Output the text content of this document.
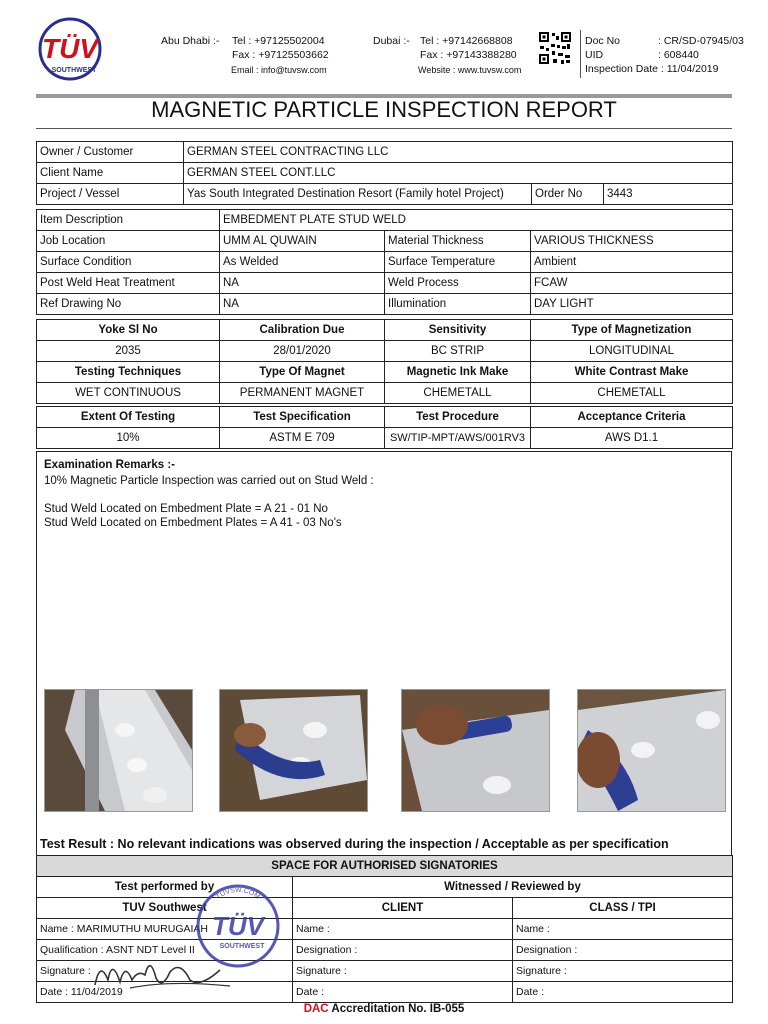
TÜV
SOUTHWEST
Abu Dhabi :- Tel : +97125502004
Fax : +97125503662
Email : info@tuvsw.com
Dubai :- Tel : +97142668808
Fax : +97143388280
Website : www.tuvsw.com
Doc No	: CR/SD-07945/03
UID	: 608440
Inspection Date : 11/04/2019
MAGNETIC PARTICLE INSPECTION REPORT
Owner / Customer	GERMAN STEEL CONTRACTING LLC		
Client Name	GERMAN STEEL CONT.LLC		
Project / Vessel	Yas South Integrated Destination Resort (Family hotel Project)	Order No	3443
Item Description	EMBEDMENT PLATE STUD WELD		
Job Location	UMM AL QUWAIN	Material Thickness	VARIOUS THICKNESS
Surface Condition	As Welded	Surface Temperature	Ambient
Post Weld Heat Treatment	NA	Weld Process	FCAW
Ref Drawing No	NA	Illumination	DAY LIGHT
Yoke Sl No	Calibration Due	Sensitivity	Type of Magnetization
2035	28/01/2020	BC STRIP	LONGITUDINAL
Testing Techniques	Type Of Magnet	Magnetic Ink Make	White Contrast Make
WET CONTINUOUS	PERMANENT MAGNET	CHEMETALL	CHEMETALL
Extent Of Testing	Test Specification	Test Procedure	Acceptance Criteria
10%	ASTM E 709	SW/TIP-MPT/AWS/001RV3	AWS D1.1
Examination Remarks :-
10% Magnetic Particle Inspection was carried out on Stud Weld :
Stud Weld Located on Embedment Plate = A 21 - 01 No
Stud Weld Located on Embedment Plates = A 41 - 03 No's
Test Result : No relevant indications was observed during the inspection / Acceptable as per specification
SPACE FOR AUTHORISED SIGNATORIES		
Test performed by	Witnessed / Reviewed by	
TUV Southwest	CLIENT	CLASS / TPI
Name : MARIMUTHU MURUGAIAH	Name :	Name :
Qualification : ASNT NDT Level II	Designation :	Designation :
Signature :	Signature :	Signature :
Date : 11/04/2019	Date :	Date :
TUVSW.COM
TÜV
SOUTHWEST
DAC Accreditation No. IB-055
